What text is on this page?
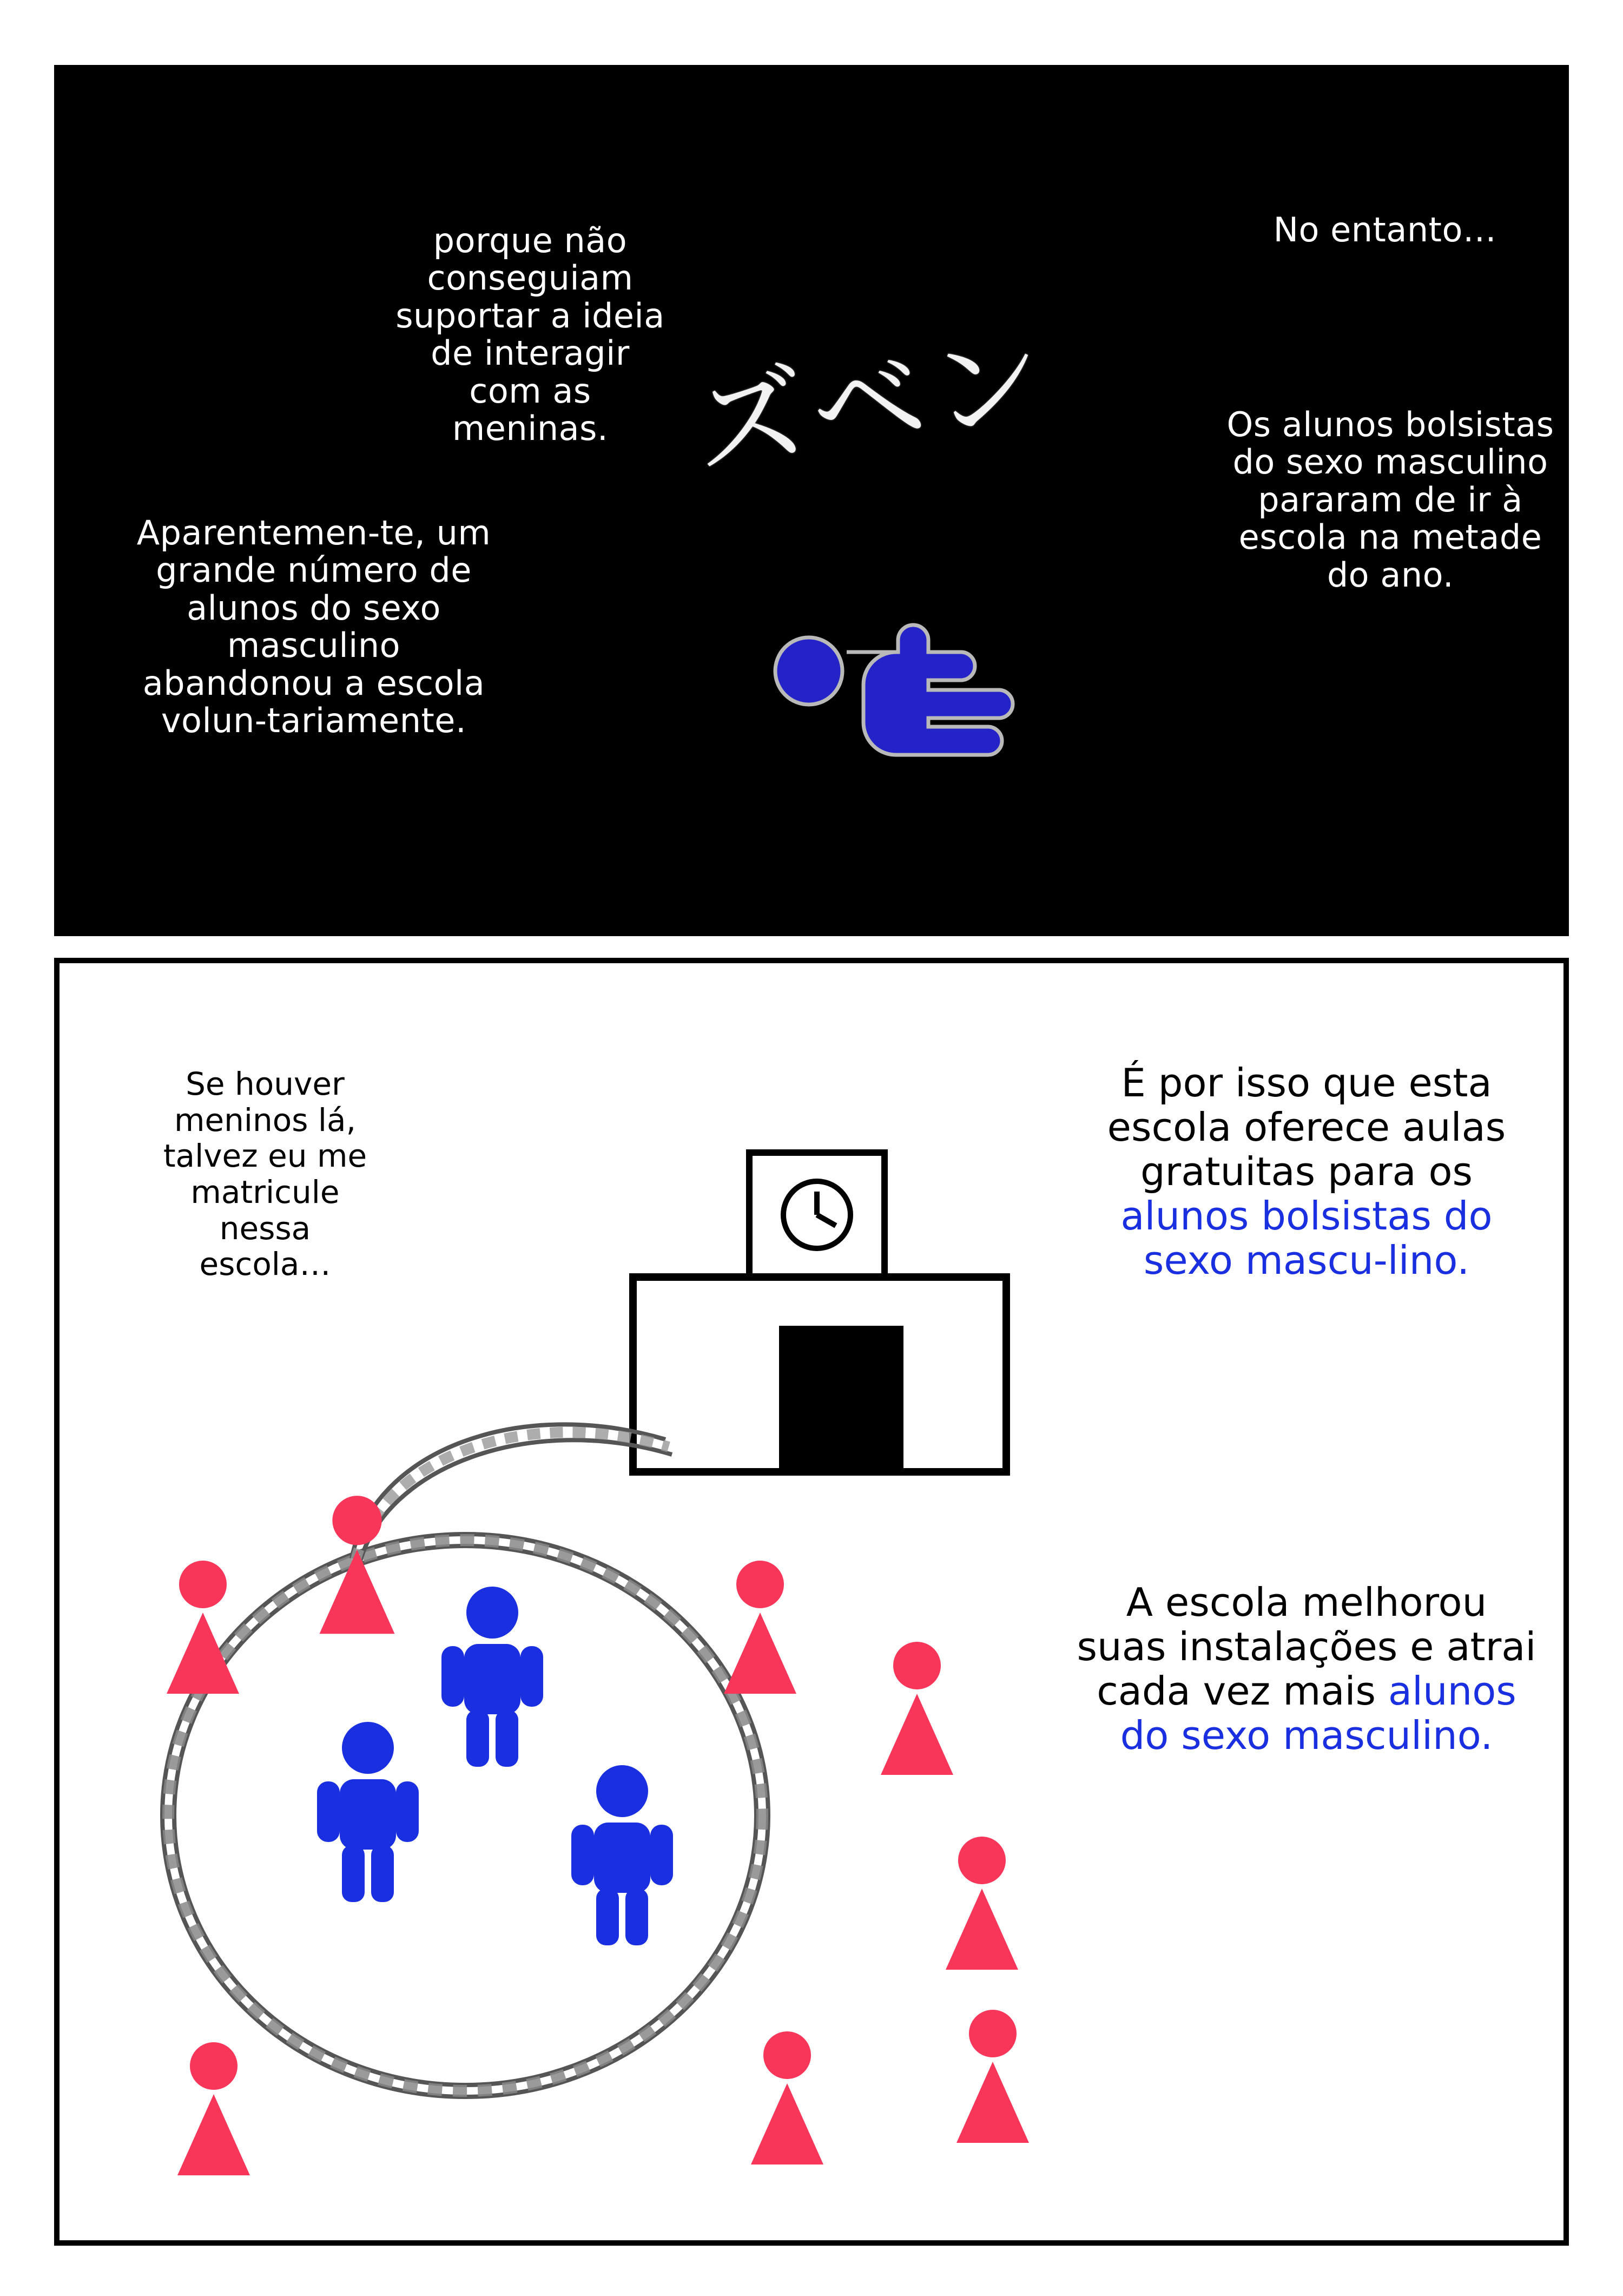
No entanto…
porque não conseguiam suportar a ideia de interagir com as meninas.
Aparentemen-te, um grande número de alunos do sexo masculino abandonou a escola volun-tariamente.
Os alunos bolsistas do sexo masculino pararam de ir à escola na metade do ano.
ズベン
Se houver meninos lá, talvez eu me matricule nessa escola…
É por isso que esta escola oferece aulas gratuitas para os alunos bolsistas do sexo mascu-lino.
A escola melhorou suas instalações e atrai cada vez mais alunos do sexo masculino.
